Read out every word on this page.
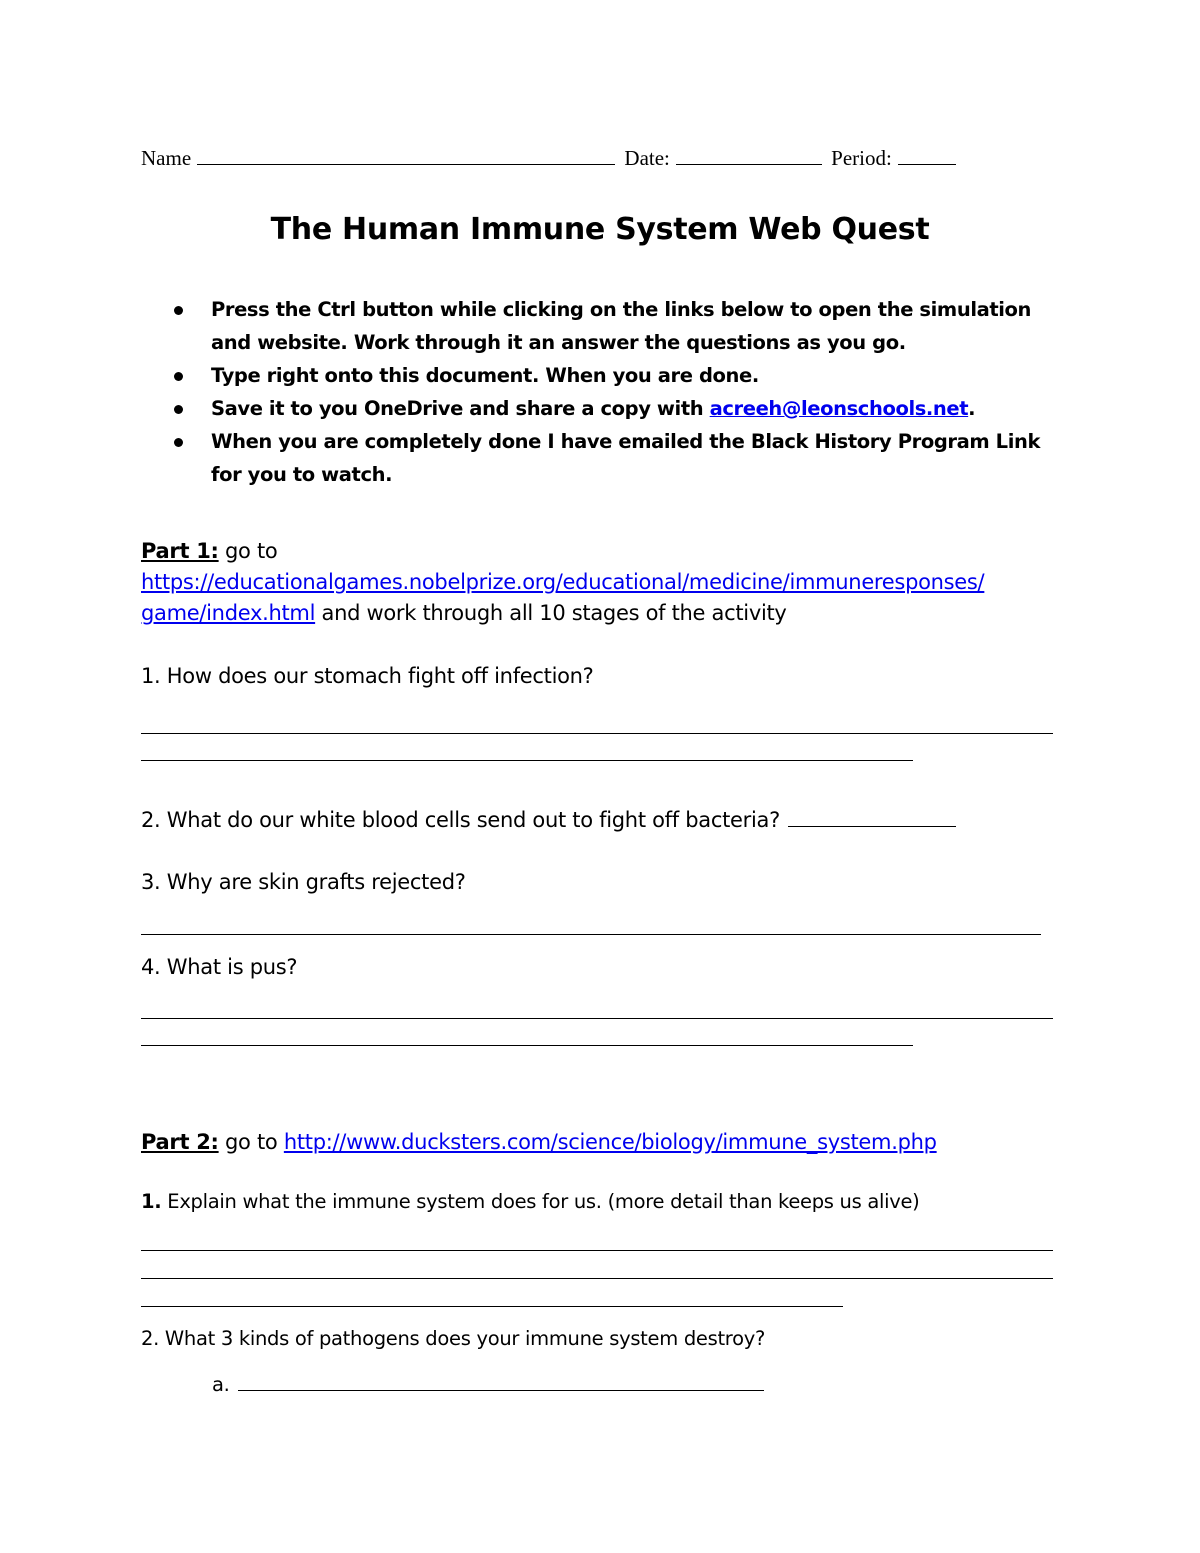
Name	Date:	Period:
The Human Immune System Web Quest
Press the Ctrl button while clicking on the links below to open the simulation and website. Work through it an answer the questions as you go.
Type right onto this document. When you are done.
Save it to you OneDrive and share a copy with acreeh@leonschools.net.
When you are completely done I have emailed the Black History Program Link for you to watch.
Part 1: go to
https://educationalgames.nobelprize.org/educational/medicine/immuneresponses/
game/index.html and work through all 10 stages of the activity
1. How does our stomach fight off infection?
2. What do our white blood cells send out to fight off bacteria?
3. Why are skin grafts rejected?
4. What is pus?
Part 2: go to http://www.ducksters.com/science/biology/immune_system.php
1. Explain what the immune system does for us. (more detail than keeps us alive)
2. What 3 kinds of pathogens does your immune system destroy?
a.
